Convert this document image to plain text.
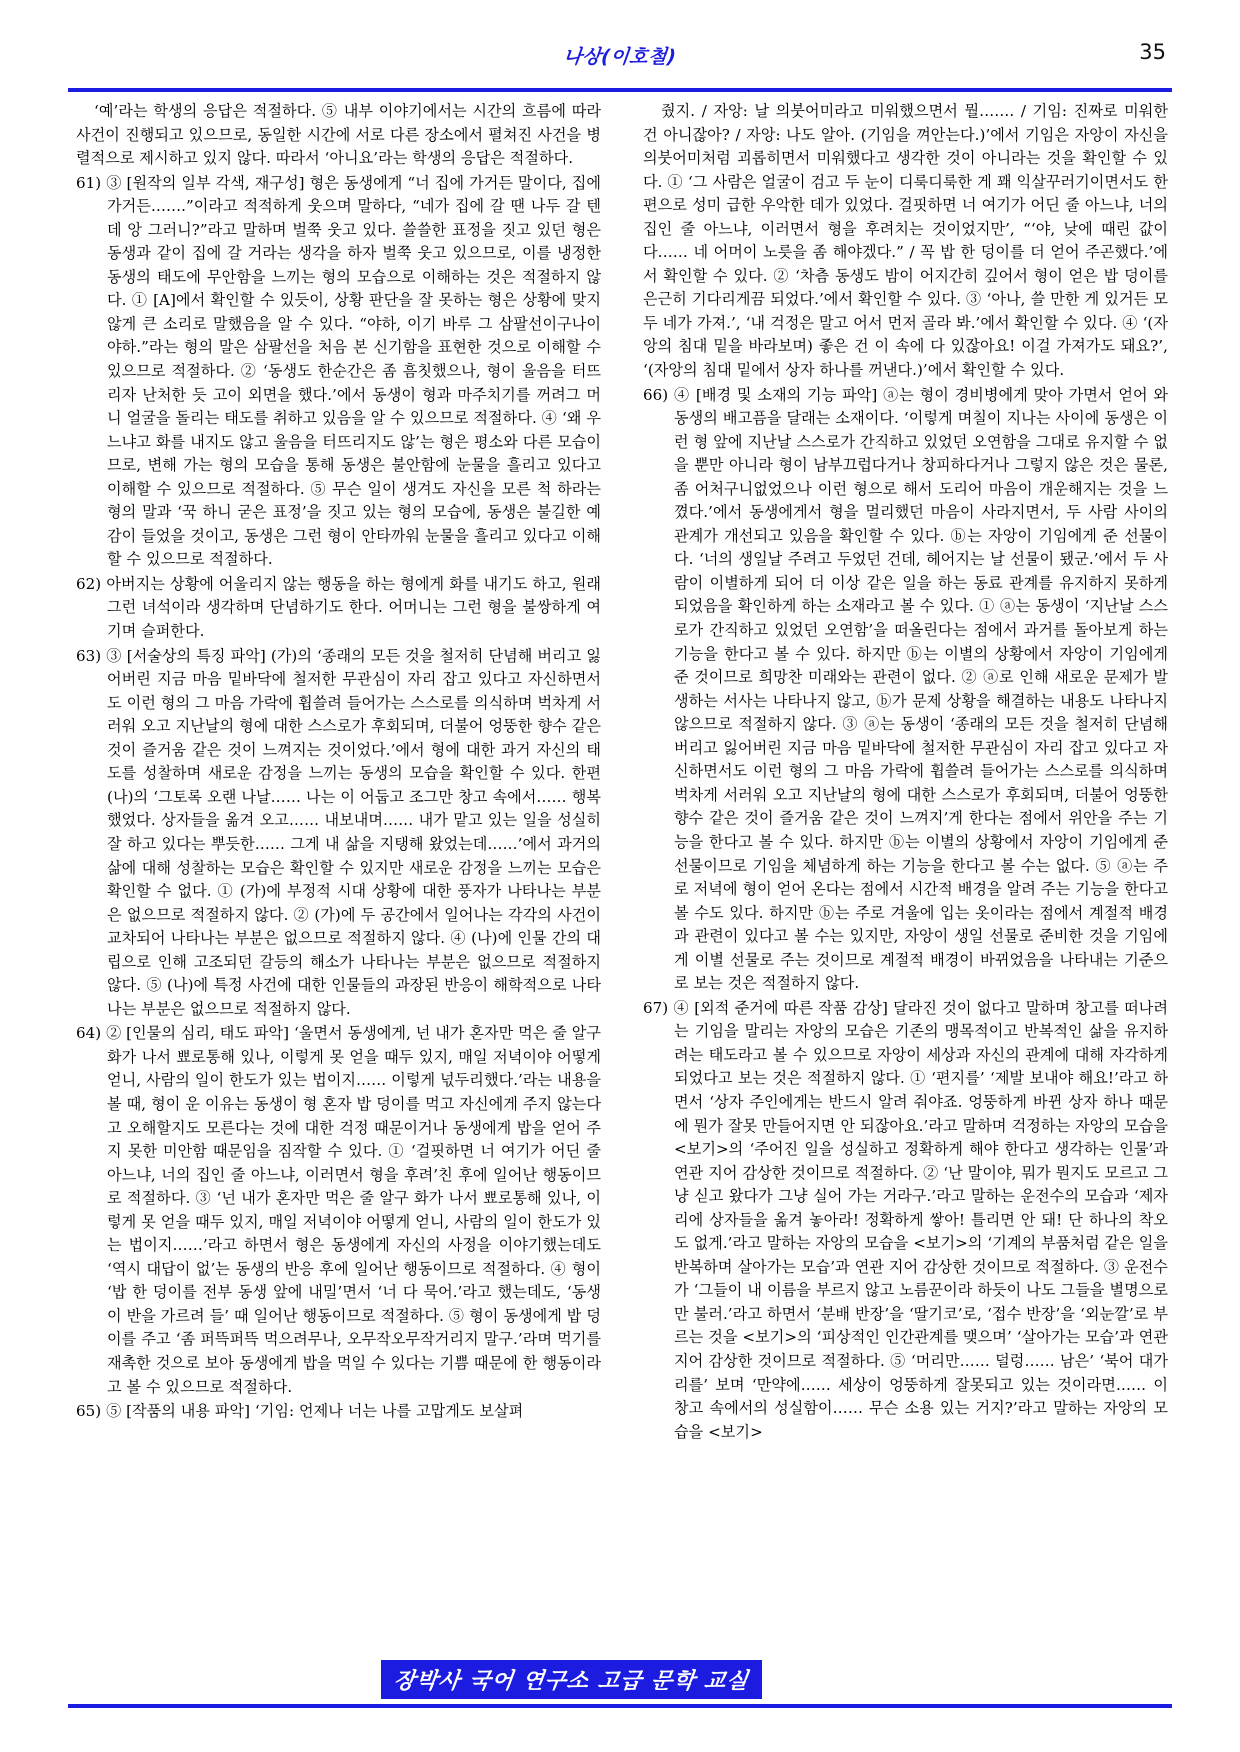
나상(이호철)	35

‘예’라는 학생의 응답은 적절하다. ⑤ 내부 이야기에서는 시간의 흐름에 따라 사건이 진행되고 있으므로, 동일한 시간에 서로 다른 장소에서 펼쳐진 사건을 병렬적으로 제시하고 있지 않다. 따라서 ‘아니요’라는 학생의 응답은 적절하다.

61) ③ [원작의 일부 각색, 재구성] 형은 동생에게 “너 집에 가거든 말이다, 집에 가거든…….”이라고 적적하게 웃으며 말하다, “네가 집에 갈 땐 나두 갈 텐데 앙 그러니?”라고 말하며 벌쭉 웃고 있다. 쓸쓸한 표정을 짓고 있던 형은 동생과 같이 집에 갈 거라는 생각을 하자 벌쭉 웃고 있으므로, 이를 냉정한 동생의 태도에 무안함을 느끼는 형의 모습으로 이해하는 것은 적절하지 않다. ① [A]에서 확인할 수 있듯이, 상황 판단을 잘 못하는 형은 상황에 맞지 않게 큰 소리로 말했음을 알 수 있다. “야하, 이기 바루 그 삼팔선이구나이 야하.”라는 형의 말은 삼팔선을 처음 본 신기함을 표현한 것으로 이해할 수 있으므로 적절하다. ② ‘동생도 한순간은 좀 흠칫했으나, 형이 울음을 터뜨리자 난처한 듯 고이 외면을 했다.’에서 동생이 형과 마주치기를 꺼려그 머니 얼굴을 돌리는 태도를 취하고 있음을 알 수 있으므로 적절하다. ④ ‘왜 우느냐고 화를 내지도 않고 울음을 터뜨리지도 않’는 형은 평소와 다른 모습이므로, 변해 가는 형의 모습을 통해 동생은 불안함에 눈물을 흘리고 있다고 이해할 수 있으므로 적절하다. ⑤ 무슨 일이 생겨도 자신을 모른 척 하라는 형의 말과 ‘꾹 하니 굳은 표정’을 짓고 있는 형의 모습에, 동생은 불길한 예감이 들었을 것이고, 동생은 그런 형이 안타까워 눈물을 흘리고 있다고 이해할 수 있으므로 적절하다.

62) 아버지는 상황에 어울리지 않는 행동을 하는 형에게 화를 내기도 하고, 원래 그런 녀석이라 생각하며 단념하기도 한다. 어머니는 그런 형을 불쌍하게 여기며 슬퍼한다.

63) ③ [서술상의 특징 파악] (가)의 ‘종래의 모든 것을 철저히 단념해 버리고 잃어버린 지금 마음 밑바닥에 철저한 무관심이 자리 잡고 있다고 자신하면서도 이런 형의 그 마음 가락에 휩쓸려 들어가는 스스로를 의식하며 벅차게 서러워 오고 지난날의 형에 대한 스스로가 후회되며, 더불어 엉뚱한 향수 같은 것이 즐거움 같은 것이 느껴지는 것이었다.’에서 형에 대한 과거 자신의 태도를 성찰하며 새로운 감정을 느끼는 동생의 모습을 확인할 수 있다. 한편 (나)의 ‘그토록 오랜 나날…… 나는 이 어둡고 조그만 창고 속에서…… 행복했었다. 상자들을 옮겨 오고…… 내보내며…… 내가 맡고 있는 일을 성실히 잘 하고 있다는 뿌듯한…… 그게 내 삶을 지탱해 왔었는데……’에서 과거의 삶에 대해 성찰하는 모습은 확인할 수 있지만 새로운 감정을 느끼는 모습은 확인할 수 없다. ① (가)에 부정적 시대 상황에 대한 풍자가 나타나는 부분은 없으므로 적절하지 않다. ② (가)에 두 공간에서 일어나는 각각의 사건이 교차되어 나타나는 부분은 없으므로 적절하지 않다. ④ (나)에 인물 간의 대립으로 인해 고조되던 갈등의 해소가 나타나는 부분은 없으므로 적절하지 않다. ⑤ (나)에 특정 사건에 대한 인물들의 과장된 반응이 해학적으로 나타나는 부분은 없으므로 적절하지 않다.

64) ② [인물의 심리, 태도 파악] ‘울면서 동생에게, 넌 내가 혼자만 먹은 줄 알구 화가 나서 뾰로통해 있나, 이렇게 못 얻을 때두 있지, 매일 저녁이야 어떻게 얻니, 사람의 일이 한도가 있는 법이지…… 이렇게 넋두리했다.’라는 내용을 볼 때, 형이 운 이유는 동생이 형 혼자 밥 덩이를 먹고 자신에게 주지 않는다고 오해할지도 모른다는 것에 대한 걱정 때문이거나 동생에게 밥을 얻어 주지 못한 미안함 때문임을 짐작할 수 있다. ① ‘걸핏하면 너 여기가 어딘 줄 아느냐, 너의 집인 줄 아느냐, 이러면서 형을 후려’친 후에 일어난 행동이므로 적절하다. ③ ‘넌 내가 혼자만 먹은 줄 알구 화가 나서 뾰로통해 있나, 이렇게 못 얻을 때두 있지, 매일 저녁이야 어떻게 얻니, 사람의 일이 한도가 있는 법이지……’라고 하면서 형은 동생에게 자신의 사정을 이야기했는데도 ‘역시 대답이 없’는 동생의 반응 후에 일어난 행동이므로 적절하다. ④ 형이 ‘밥 한 덩이를 전부 동생 앞에 내밀’면서 ‘너 다 묵어.’라고 했는데도, ‘동생이 반을 가르려 들’ 때 일어난 행동이므로 적절하다. ⑤ 형이 동생에게 밥 덩이를 주고 ‘좀 퍼뜩퍼뜩 먹으려무나, 오무작오무작거리지 말구.’라며 먹기를 재촉한 것으로 보아 동생에게 밥을 먹일 수 있다는 기쁨 때문에 한 행동이라고 볼 수 있으므로 적절하다.

65) ⑤ [작품의 내용 파악] ‘기임: 언제나 너는 나를 고맙게도 보살펴

줬지. / 자앙: 날 의붓어미라고 미워했으면서 뭘……. / 기임: 진짜로 미워한 건 아니잖아? / 자앙: 나도 알아. (기임을 껴안는다.)’에서 기임은 자앙이 자신을 의붓어미처럼 괴롭히면서 미워했다고 생각한 것이 아니라는 것을 확인할 수 있다. ① ‘그 사람은 얼굴이 검고 두 눈이 디룩디룩한 게 꽤 익살꾸러기이면서도 한편으로 성미 급한 우악한 데가 있었다. 걸핏하면 너 여기가 어딘 줄 아느냐, 너의 집인 줄 아느냐, 이러면서 형을 후려치는 것이었지만’, “‘야, 낮에 때린 값이다…… 네 어머이 노릇을 좀 해야겠다.” / 꼭 밥 한 덩이를 더 얻어 주곤했다.’에서 확인할 수 있다. ② ‘차츰 동생도 밤이 어지간히 깊어서 형이 얻은 밥 덩이를 은근히 기다리게끔 되었다.’에서 확인할 수 있다. ③ ‘아나, 쓸 만한 게 있거든 모두 네가 가져.’, ‘내 걱정은 말고 어서 먼저 골라 봐.’에서 확인할 수 있다. ④ ‘(자앙의 침대 밑을 바라보며) 좋은 건 이 속에 다 있잖아요! 이걸 가져가도 돼요?’, ‘(자앙의 침대 밑에서 상자 하나를 꺼낸다.)’에서 확인할 수 있다.

66) ④ [배경 및 소재의 기능 파악] ⓐ는 형이 경비병에게 맞아 가면서 얻어 와 동생의 배고픔을 달래는 소재이다. ‘이렇게 며칠이 지나는 사이에 동생은 이런 형 앞에 지난날 스스로가 간직하고 있었던 오연함을 그대로 유지할 수 없을 뿐만 아니라 형이 남부끄럽다거나 창피하다거나 그렇지 않은 것은 물론, 좀 어처구니없었으나 이런 형으로 해서 도리어 마음이 개운해지는 것을 느꼈다.’에서 동생에게서 형을 멀리했던 마음이 사라지면서, 두 사람 사이의 관계가 개선되고 있음을 확인할 수 있다. ⓑ는 자앙이 기임에게 준 선물이다. ‘너의 생일날 주려고 두었던 건데, 헤어지는 날 선물이 됐군.’에서 두 사람이 이별하게 되어 더 이상 같은 일을 하는 동료 관계를 유지하지 못하게 되었음을 확인하게 하는 소재라고 볼 수 있다. ① ⓐ는 동생이 ‘지난날 스스로가 간직하고 있었던 오연함’을 떠올린다는 점에서 과거를 돌아보게 하는 기능을 한다고 볼 수 있다. 하지만 ⓑ는 이별의 상황에서 자앙이 기임에게 준 것이므로 희망찬 미래와는 관련이 없다. ② ⓐ로 인해 새로운 문제가 발생하는 서사는 나타나지 않고, ⓑ가 문제 상황을 해결하는 내용도 나타나지 않으므로 적절하지 않다. ③ ⓐ는 동생이 ‘종래의 모든 것을 철저히 단념해 버리고 잃어버린 지금 마음 밑바닥에 철저한 무관심이 자리 잡고 있다고 자신하면서도 이런 형의 그 마음 가락에 휩쓸려 들어가는 스스로를 의식하며 벅차게 서러워 오고 지난날의 형에 대한 스스로가 후회되며, 더불어 엉뚱한 향수 같은 것이 즐거움 같은 것이 느껴지’게 한다는 점에서 위안을 주는 기능을 한다고 볼 수 있다. 하지만 ⓑ는 이별의 상황에서 자앙이 기임에게 준 선물이므로 기임을 체념하게 하는 기능을 한다고 볼 수는 없다. ⑤ ⓐ는 주로 저녁에 형이 얻어 온다는 점에서 시간적 배경을 알려 주는 기능을 한다고 볼 수도 있다. 하지만 ⓑ는 주로 겨울에 입는 옷이라는 점에서 계절적 배경과 관련이 있다고 볼 수는 있지만, 자앙이 생일 선물로 준비한 것을 기임에게 이별 선물로 주는 것이므로 계절적 배경이 바뀌었음을 나타내는 기준으로 보는 것은 적절하지 않다.

67) ④ [외적 준거에 따른 작품 감상] 달라진 것이 없다고 말하며 창고를 떠나려는 기임을 말리는 자앙의 모습은 기존의 맹목적이고 반복적인 삶을 유지하려는 태도라고 볼 수 있으므로 자앙이 세상과 자신의 관계에 대해 자각하게 되었다고 보는 것은 적절하지 않다. ① ‘편지를’ ‘제발 보내야 해요!’라고 하면서 ‘상자 주인에게는 반드시 알려 줘야죠. 엉뚱하게 바뀐 상자 하나 때문에 뭔가 잘못 만들어지면 안 되잖아요.’라고 말하며 걱정하는 자앙의 모습을 <보기>의 ‘주어진 일을 성실하고 정확하게 해야 한다고 생각하는 인물’과 연관 지어 감상한 것이므로 적절하다. ② ‘난 말이야, 뭐가 뭔지도 모르고 그냥 싣고 왔다가 그냥 실어 가는 거라구.’라고 말하는 운전수의 모습과 ‘제자리에 상자들을 옮겨 놓아라! 정확하게 쌓아! 틀리면 안 돼! 단 하나의 착오도 없게.’라고 말하는 자앙의 모습을 <보기>의 ‘기계의 부품처럼 같은 일을 반복하며 살아가는 모습’과 연관 지어 감상한 것이므로 적절하다. ③ 운전수가 ‘그들이 내 이름을 부르지 않고 노름꾼이라 하듯이 나도 그들을 별명으로만 불러.’라고 하면서 ‘분배 반장’을 ‘딸기코’로, ‘접수 반장’을 ‘외눈깔’로 부르는 것을 <보기>의 ‘피상적인 인간관계를 맺으며’ ‘살아가는 모습’과 연관 지어 감상한 것이므로 적절하다. ⑤ ‘머리만…… 덜렁…… 남은’ ‘북어 대가리를’ 보며 ‘만약에…… 세상이 엉뚱하게 잘못되고 있는 것이라면…… 이 창고 속에서의 성실함이…… 무슨 소용 있는 거지?’라고 말하는 자앙의 모습을 <보기>

장박사 국어 연구소 고급 문학 교실
